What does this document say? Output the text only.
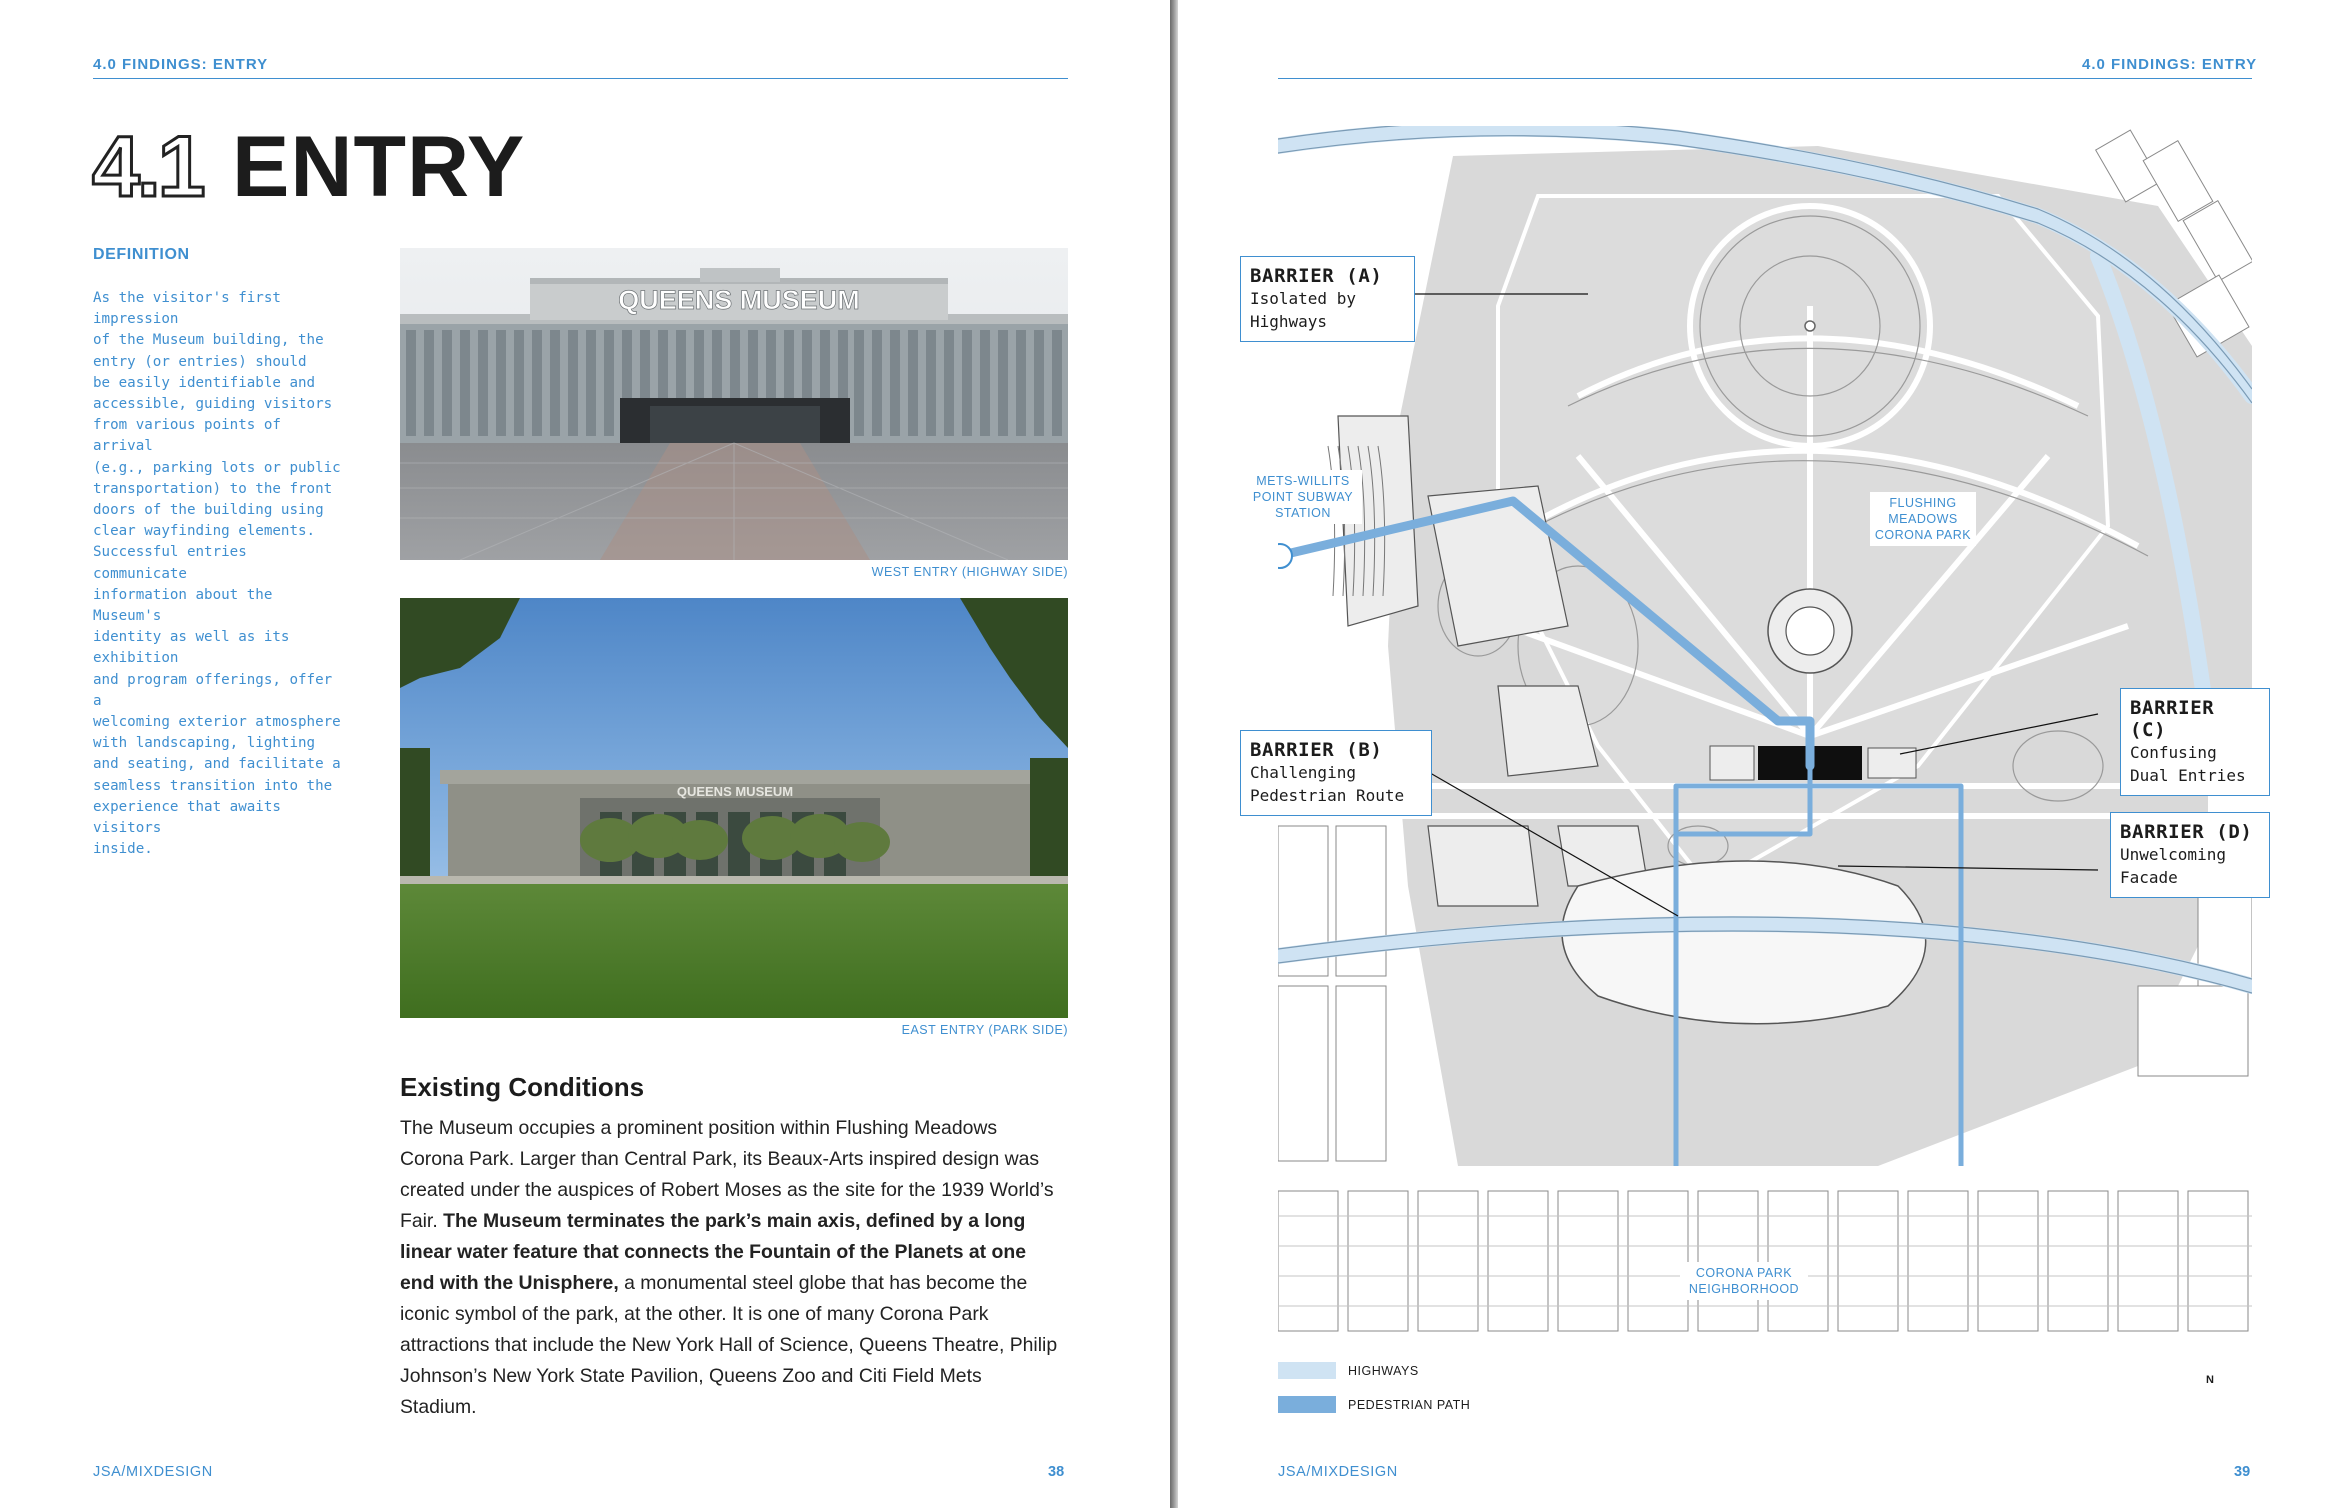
4.0 FINDINGS: ENTRY
4.1 ENTRY
DEFINITION
As the visitor's first impression
of the Museum building, the
entry (or entries) should
be easily identifiable and
accessible, guiding visitors
from various points of arrival
(e.g., parking lots or public
transportation) to the front
doors of the building using
clear wayfinding elements.
Successful entries communicate
information about the Museum's
identity as well as its exhibition
and program offerings, offer a
welcoming exterior atmosphere
with landscaping, lighting
and seating, and facilitate a
seamless transition into the
experience that awaits visitors
inside.
QUEENS MUSEUM
WEST ENTRY (HIGHWAY SIDE)
QUEENS MUSEUM
EAST ENTRY (PARK SIDE)
Existing Conditions
The Museum occupies a prominent position within Flushing Meadows Corona Park. Larger than Central Park, its Beaux-Arts inspired design was created under the auspices of Robert Moses as the site for the 1939 World’s Fair. The Museum terminates the park’s main axis, defined by a long linear water feature that connects the Fountain of the Planets at one end with the Unisphere, a monumental steel globe that has become the iconic symbol of the park, at the other. It is one of many Corona Park attractions that include the New York Hall of Science, Queens Theatre, Philip Johnson’s New York State Pavilion, Queens Zoo and Citi Field Mets Stadium.
JSA/MIXDESIGN	38
4.0 FINDINGS: ENTRY
METS-WILLITS
POINT SUBWAY
STATION
FLUSHING
MEADOWS
CORONA PARK
CORONA PARK
NEIGHBORHOOD
BARRIER (A)
Isolated by
Highways
BARRIER (B)
Challenging
Pedestrian Route
BARRIER (C)
Confusing
Dual Entries
BARRIER (D)
Unwelcoming
Facade
HIGHWAYS
PEDESTRIAN PATH
N
JSA/MIXDESIGN	39
